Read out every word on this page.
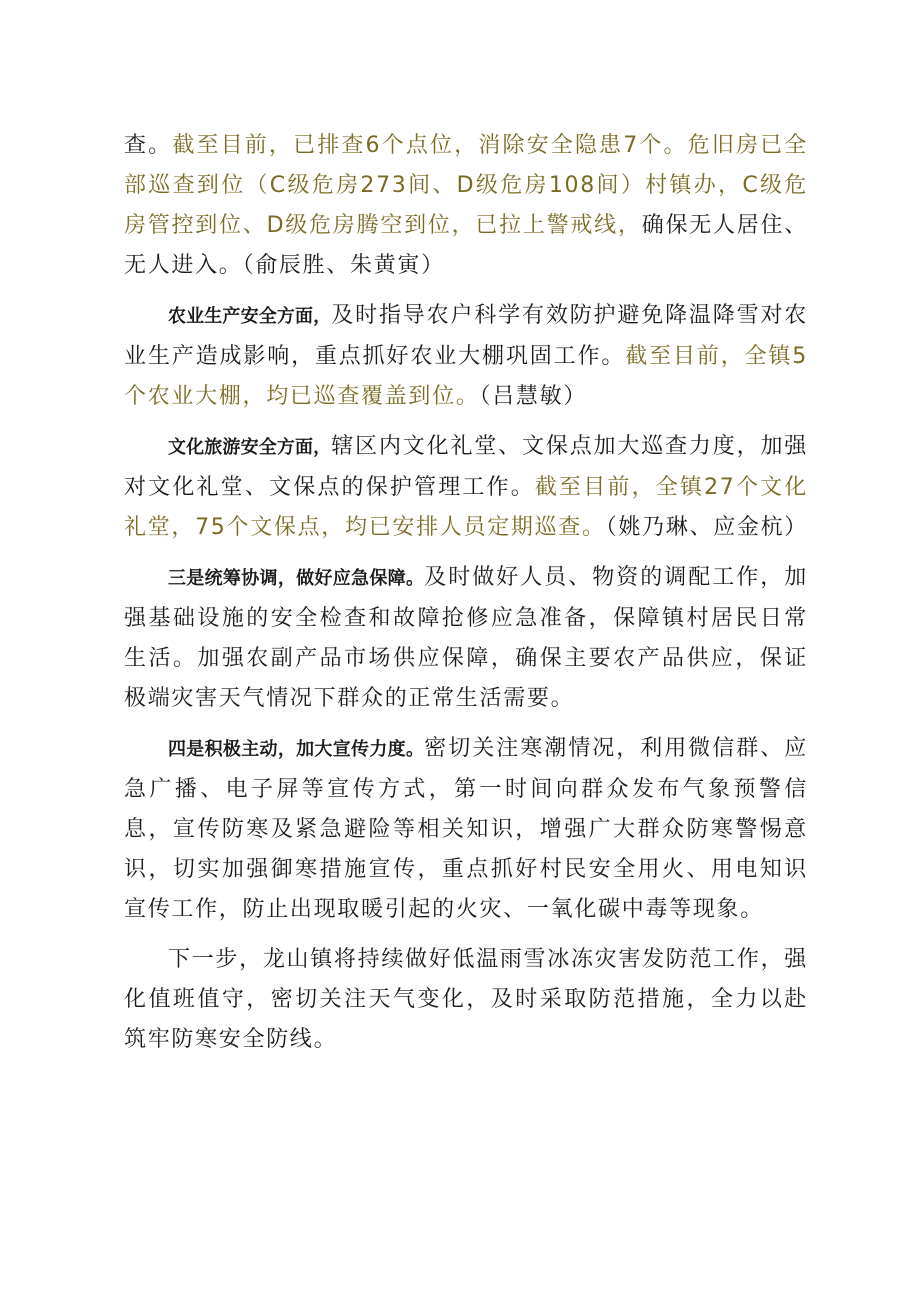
查。截至目前，已排查6个点位，消除安全隐患7个。危旧房已全部巡查到位（C级危房273间、D级危房108间）村镇办，C级危房管控到位、D级危房腾空到位，已拉上警戒线，确保无人居住、无人进入。（俞辰胜、朱黄寅）

农业生产安全方面，及时指导农户科学有效防护避免降温降雪对农业生产造成影响，重点抓好农业大棚巩固工作。截至目前，全镇5个农业大棚，均已巡查覆盖到位。（吕慧敏）

文化旅游安全方面，辖区内文化礼堂、文保点加大巡查力度，加强对文化礼堂、文保点的保护管理工作。截至目前，全镇27个文化礼堂，75个文保点，均已安排人员定期巡查。（姚乃琳、应金杭）

三是统筹协调，做好应急保障。及时做好人员、物资的调配工作，加强基础设施的安全检查和故障抢修应急准备，保障镇村居民日常生活。加强农副产品市场供应保障，确保主要农产品供应，保证极端灾害天气情况下群众的正常生活需要。

四是积极主动，加大宣传力度。密切关注寒潮情况，利用微信群、应急广播、电子屏等宣传方式，第一时间向群众发布气象预警信息，宣传防寒及紧急避险等相关知识，增强广大群众防寒警惕意识，切实加强御寒措施宣传，重点抓好村民安全用火、用电知识宣传工作，防止出现取暖引起的火灾、一氧化碳中毒等现象。

下一步，龙山镇将持续做好低温雨雪冰冻灾害发防范工作，强化值班值守，密切关注天气变化，及时采取防范措施，全力以赴筑牢防寒安全防线。
